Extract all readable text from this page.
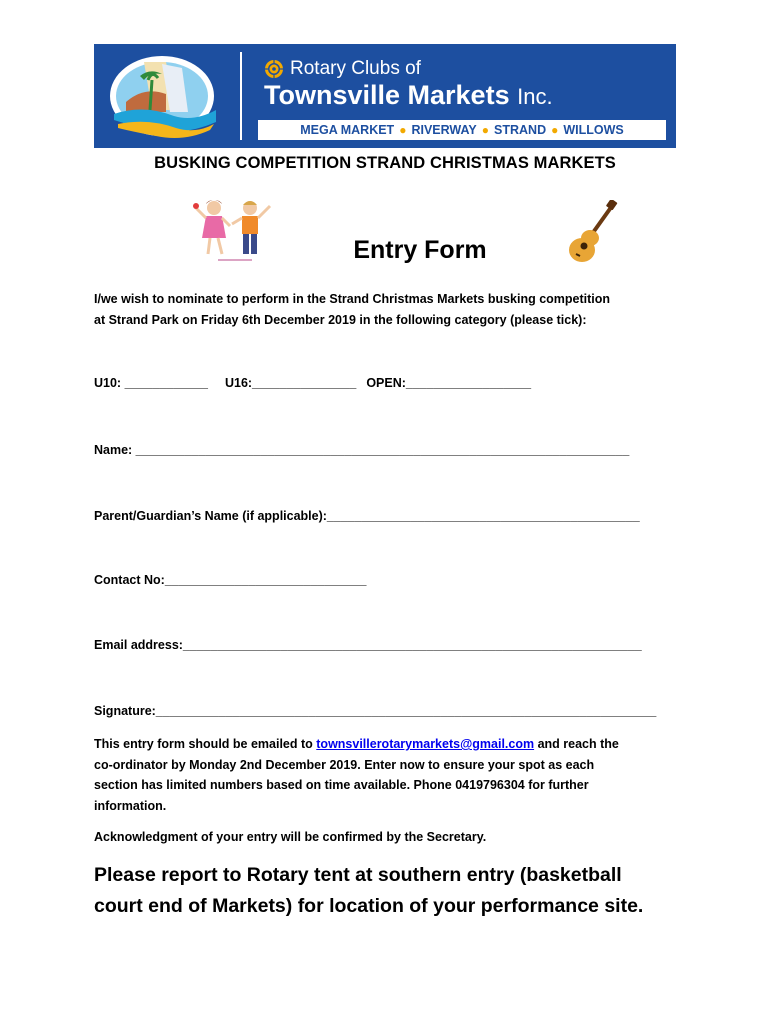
Rotary Clubs of
Townsville Markets Inc.
MEGA MARKET ● RIVERWAY ● STRAND ● WILLOWS
BUSKING COMPETITION STRAND CHRISTMAS MARKETS
Entry Form
I/we wish to nominate to perform in the Strand Christmas Markets busking competition
at Strand Park on Friday 6th December 2019 in the following category (please tick):
U10: ____________ U16:_______________ OPEN:__________________
Name: _______________________________________________________________________
Parent/Guardian’s Name (if applicable):_____________________________________________
Contact No:_____________________________
Email address:__________________________________________________________________
Signature:________________________________________________________________________
This entry form should be emailed to townsvillerotarymarkets@gmail.com and reach the
co-ordinator by Monday 2nd December 2019. Enter now to ensure your spot as each
section has limited numbers based on time available. Phone 0419796304 for further
information.
Acknowledgment of your entry will be confirmed by the Secretary.
Please report to Rotary tent at southern entry (basketball
court end of Markets) for location of your performance site.
